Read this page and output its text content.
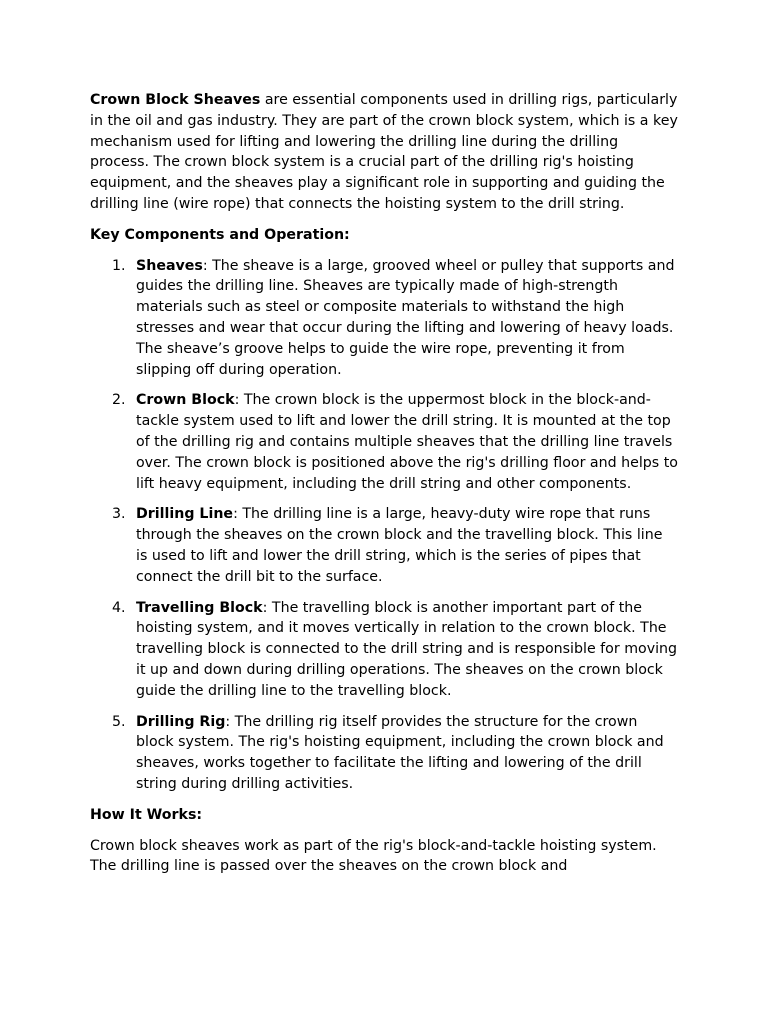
Crown Block Sheaves are essential components used in drilling rigs, particularly in the oil and gas industry. They are part of the crown block system, which is a key mechanism used for lifting and lowering the drilling line during the drilling process. The crown block system is a crucial part of the drilling rig's hoisting equipment, and the sheaves play a significant role in supporting and guiding the drilling line (wire rope) that connects the hoisting system to the drill string.

Key Components and Operation:

1. Sheaves: The sheave is a large, grooved wheel or pulley that supports and guides the drilling line. Sheaves are typically made of high-strength materials such as steel or composite materials to withstand the high stresses and wear that occur during the lifting and lowering of heavy loads. The sheave’s groove helps to guide the wire rope, preventing it from slipping off during operation.
2. Crown Block: The crown block is the uppermost block in the block-and-tackle system used to lift and lower the drill string. It is mounted at the top of the drilling rig and contains multiple sheaves that the drilling line travels over. The crown block is positioned above the rig's drilling floor and helps to lift heavy equipment, including the drill string and other components.
3. Drilling Line: The drilling line is a large, heavy-duty wire rope that runs through the sheaves on the crown block and the travelling block. This line is used to lift and lower the drill string, which is the series of pipes that connect the drill bit to the surface.
4. Travelling Block: The travelling block is another important part of the hoisting system, and it moves vertically in relation to the crown block. The travelling block is connected to the drill string and is responsible for moving it up and down during drilling operations. The sheaves on the crown block guide the drilling line to the travelling block.
5. Drilling Rig: The drilling rig itself provides the structure for the crown block system. The rig's hoisting equipment, including the crown block and sheaves, works together to facilitate the lifting and lowering of the drill string during drilling activities.

How It Works:

Crown block sheaves work as part of the rig's block-and-tackle hoisting system. The drilling line is passed over the sheaves on the crown block and
